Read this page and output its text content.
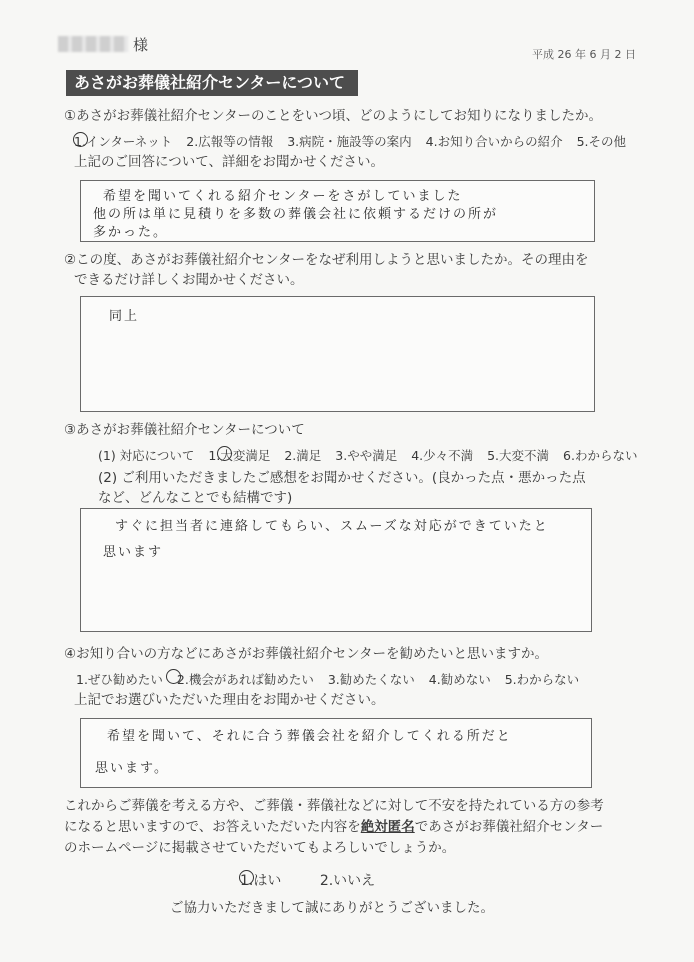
様
平成 26 年 6 月 2 日
あさがお葬儀社紹介センターについて
①あさがお葬儀社紹介センターのことをいつ頃、どのようにしてお知りになりましたか。
1.インターネット 2.広報等の情報 3.病院・施設等の案内 4.お知り合いからの紹介 5.その他
上記のご回答について、詳細をお聞かせください。
希望を聞いてくれる紹介センターをさがしていました
他の所は単に見積りを多数の葬儀会社に依頼するだけの所が
多かった。
②この度、あさがお葬儀社紹介センターをなぜ利用しようと思いましたか。その理由を
できるだけ詳しくお聞かせください。
同上
③あさがお葬儀社紹介センターについて
(1) 対応について 1.大変満足 2.満足 3.やや満足 4.少々不満 5.大変不満 6.わからない
(2) ご利用いただきましたご感想をお聞かせください。(良かった点・悪かった点
など、どんなことでも結構です)
すぐに担当者に連絡してもらい、スムーズな対応ができていたと
思います
④お知り合いの方などにあさがお葬儀社紹介センターを勧めたいと思いますか。
1.ぜひ勧めたい 2.機会があれば勧めたい 3.勧めたくない 4.勧めない 5.わからない
上記でお選びいただいた理由をお聞かせください。
希望を聞いて、それに合う葬儀会社を紹介してくれる所だと
思います。
これからご葬儀を考える方や、ご葬儀・葬儀社などに対して不安を持たれている方の参考
になると思いますので、お答えいただいた内容を絶対匿名であさがお葬儀社紹介センター
のホームページに掲載させていただいてもよろしいでしょうか。
1.はい	2.いいえ
ご協力いただきまして誠にありがとうございました。
